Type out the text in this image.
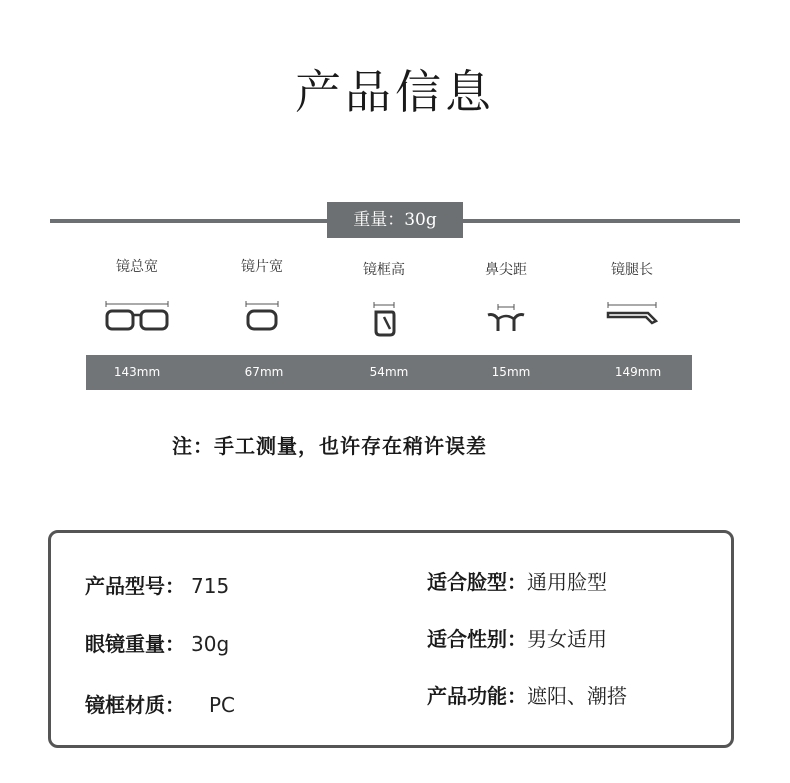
产品信息
重量：30g
镜总宽	镜片宽	镜框高	鼻尖距	镜腿长
143mm	67mm	54mm	15mm	149mm
注：手工测量，也许存在稍许误差
产品型号： 715
眼镜重量： 30g
镜框材质： PC
适合脸型：通用脸型
适合性别：男女适用
产品功能：遮阳、潮搭
